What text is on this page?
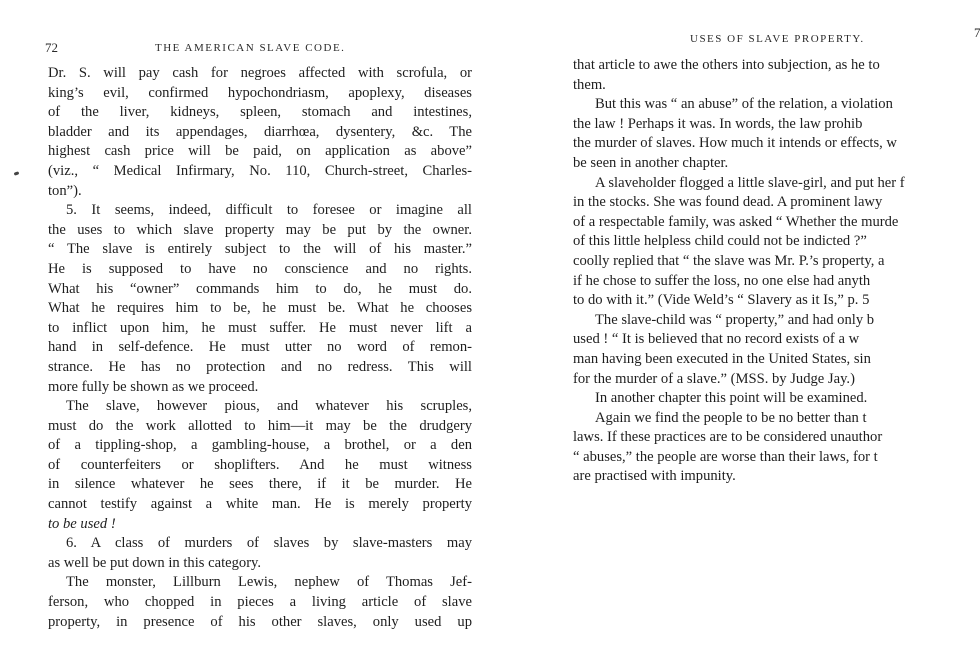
72	THE AMERICAN SLAVE CODE.
Dr. S. will pay cash for negroes affected with scrofula, or
king’s evil, confirmed hypochondriasm, apoplexy, diseases
of the liver, kidneys, spleen, stomach and intestines,
bladder and its appendages, diarrhœa, dysentery, &c. The
highest cash price will be paid, on application as above”
(viz., “ Medical Infirmary, No. 110, Church-street, Charles-
ton”).
5. It seems, indeed, difficult to foresee or imagine all
the uses to which slave property may be put by the owner.
“ The slave is entirely subject to the will of his master.”
He is supposed to have no conscience and no rights.
What his “owner” commands him to do, he must do.
What he requires him to be, he must be. What he chooses
to inflict upon him, he must suffer. He must never lift a
hand in self-defence. He must utter no word of remon-
strance. He has no protection and no redress. This will
more fully be shown as we proceed.
The slave, however pious, and whatever his scruples,
must do the work allotted to him—it may be the drudgery
of a tippling-shop, a gambling-house, a brothel, or a den
of counterfeiters or shoplifters. And he must witness
in silence whatever he sees there, if it be murder. He
cannot testify against a white man. He is merely property
to be used !
6. A class of murders of slaves by slave-masters may
as well be put down in this category.
The monster, Lillburn Lewis, nephew of Thomas Jef-
ferson, who chopped in pieces a living article of slave
property, in presence of his other slaves, only used up
USES OF SLAVE PROPERTY.	7
that article to awe the others into subjection, as he to
them.
But this was “ an abuse” of the relation, a violation
the law ! Perhaps it was. In words, the law prohib
the murder of slaves. How much it intends or effects, w
be seen in another chapter.
A slaveholder flogged a little slave-girl, and put her f
in the stocks. She was found dead. A prominent lawy
of a respectable family, was asked “ Whether the murde
of this little helpless child could not be indicted ?”
coolly replied that “ the slave was Mr. P.’s property, a
if he chose to suffer the loss, no one else had anyth
to do with it.” (Vide Weld’s “ Slavery as it Is,” p. 5
The slave-child was “ property,” and had only b
used ! “ It is believed that no record exists of a w
man having been executed in the United States, sin
for the murder of a slave.” (MSS. by Judge Jay.)
In another chapter this point will be examined.
Again we find the people to be no better than t
laws. If these practices are to be considered unauthor
“ abuses,” the people are worse than their laws, for t
are practised with impunity.
